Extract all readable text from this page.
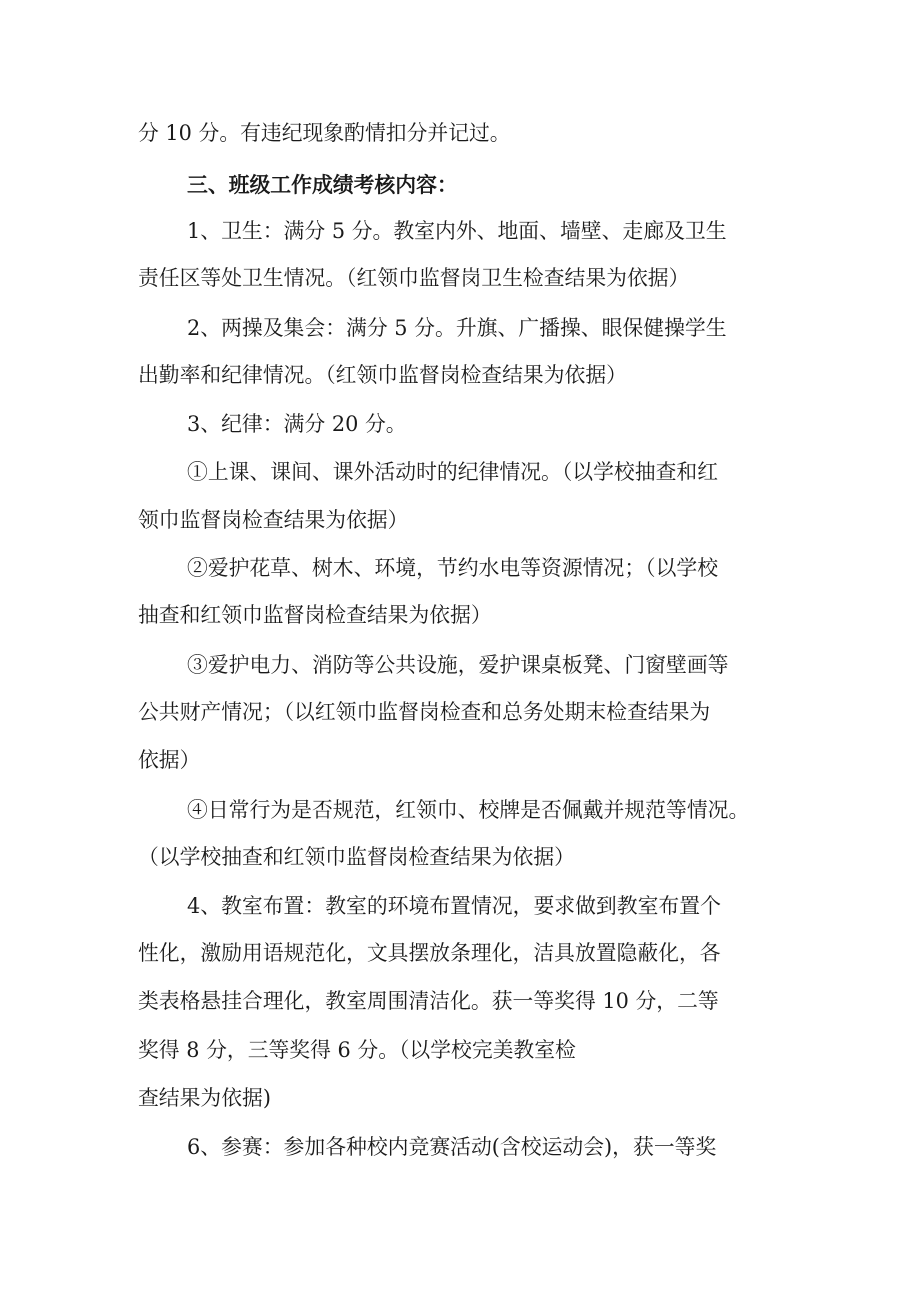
分 10 分。有违纪现象酌情扣分并记过。
三、班级工作成绩考核内容：
1、卫生：满分 5 分。教室内外、地面、墙壁、走廊及卫生
责任区等处卫生情况。（红领巾监督岗卫生检查结果为依据）
2、两操及集会：满分 5 分。升旗、广播操、眼保健操学生
出勤率和纪律情况。（红领巾监督岗检查结果为依据）
3、纪律：满分 20 分。
①上课、课间、课外活动时的纪律情况。（以学校抽查和红
领巾监督岗检查结果为依据）
②爱护花草、树木、环境，节约水电等资源情况；（以学校
抽查和红领巾监督岗检查结果为依据）
③爱护电力、消防等公共设施，爱护课桌板凳、门窗壁画等
公共财产情况；（以红领巾监督岗检查和总务处期末检查结果为
依据）
④日常行为是否规范，红领巾、校牌是否佩戴并规范等情况。
（以学校抽查和红领巾监督岗检查结果为依据）
4、教室布置：教室的环境布置情况，要求做到教室布置个
性化，激励用语规范化，文具摆放条理化，洁具放置隐蔽化，各
类表格悬挂合理化，教室周围清洁化。获一等奖得 10 分，二等
奖得 8 分，三等奖得 6 分。（以学校完美教室检
查结果为依据)
6、参赛：参加各种校内竞赛活动(含校运动会)，获一等奖
